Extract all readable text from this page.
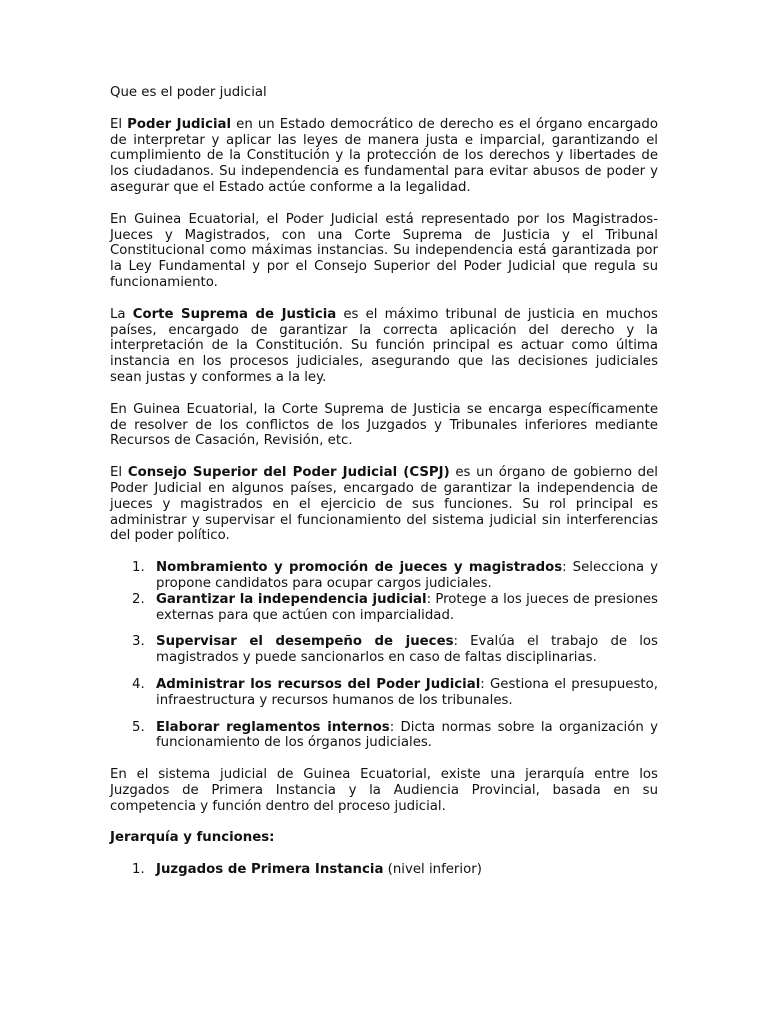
Que es el poder judicial

El Poder Judicial en un Estado democrático de derecho es el órgano encargado de interpretar y aplicar las leyes de manera justa e imparcial, garantizando el cumplimiento de la Constitución y la protección de los derechos y libertades de los ciudadanos. Su independencia es fundamental para evitar abusos de poder y asegurar que el Estado actúe conforme a la legalidad.

En Guinea Ecuatorial, el Poder Judicial está representado por los Magistrados-Jueces y Magistrados, con una Corte Suprema de Justicia y el Tribunal Constitucional como máximas instancias. Su independencia está garantizada por la Ley Fundamental y por el Consejo Superior del Poder Judicial que regula su funcionamiento.

La Corte Suprema de Justicia es el máximo tribunal de justicia en muchos países, encargado de garantizar la correcta aplicación del derecho y la interpretación de la Constitución. Su función principal es actuar como última instancia en los procesos judiciales, asegurando que las decisiones judiciales sean justas y conformes a la ley.

En Guinea Ecuatorial, la Corte Suprema de Justicia se encarga específicamente de resolver de los conflictos de los Juzgados y Tribunales inferiores mediante Recursos de Casación, Revisión, etc.

El Consejo Superior del Poder Judicial (CSPJ) es un órgano de gobierno del Poder Judicial en algunos países, encargado de garantizar la independencia de jueces y magistrados en el ejercicio de sus funciones. Su rol principal es administrar y supervisar el funcionamiento del sistema judicial sin interferencias del poder político.

1. Nombramiento y promoción de jueces y magistrados: Selecciona y propone candidatos para ocupar cargos judiciales.
2. Garantizar la independencia judicial: Protege a los jueces de presiones externas para que actúen con imparcialidad.
3. Supervisar el desempeño de jueces: Evalúa el trabajo de los magistrados y puede sancionarlos en caso de faltas disciplinarias.
4. Administrar los recursos del Poder Judicial: Gestiona el presupuesto, infraestructura y recursos humanos de los tribunales.
5. Elaborar reglamentos internos: Dicta normas sobre la organización y funcionamiento de los órganos judiciales.

En el sistema judicial de Guinea Ecuatorial, existe una jerarquía entre los Juzgados de Primera Instancia y la Audiencia Provincial, basada en su competencia y función dentro del proceso judicial.

Jerarquía y funciones:

1. Juzgados de Primera Instancia (nivel inferior)
